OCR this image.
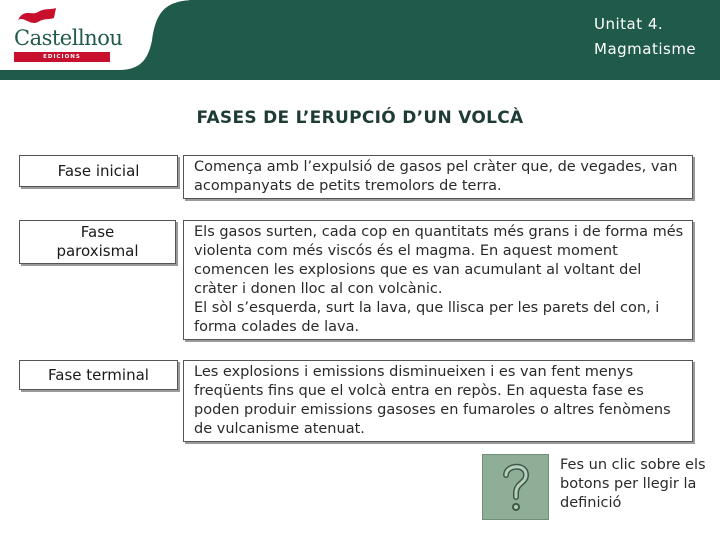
Castellnou
EDICIONS
Unitat 4.
Magmatisme
FASES DE L’ERUPCIÓ D’UN VOLCÀ
Fase inicial	Comença amb l’expulsió de gasos pel cràter que, de vegades, van acompanyats de petits tremolors de terra.
Fase paroxismal
Els gasos surten, cada cop en quantitats més grans i de forma més violenta com més viscós és el magma. En aquest moment comencen les explosions que es van acumulant al voltant del cràter i donen lloc al con volcànic.
El sòl s’esquerda, surt la lava, que llisca per les parets del con, i forma colades de lava.
Fase terminal	Les explosions i emissions disminueixen i es van fent menys freqüents fins que el volcà entra en repòs. En aquesta fase es poden produir emissions gasoses en fumaroles o altres fenòmens de vulcanisme atenuat.
Fes un clic sobre els botons per llegir la definició
